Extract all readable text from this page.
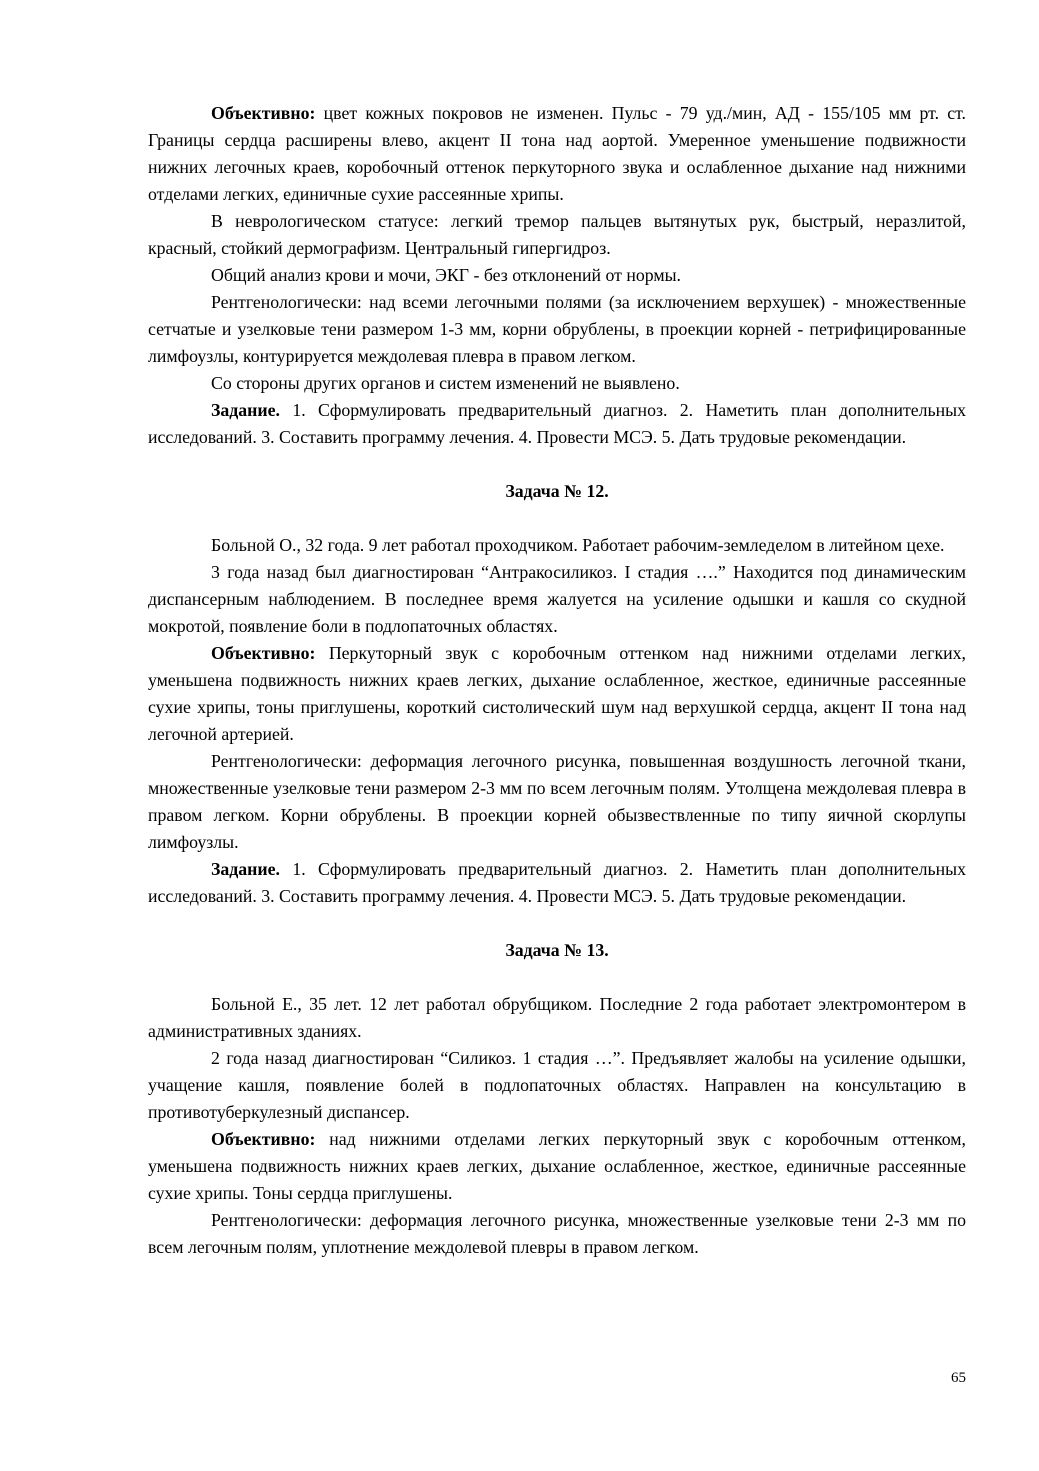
Объективно: цвет кожных покровов не изменен. Пульс - 79 уд./мин, АД - 155/105 мм рт. ст. Границы сердца расширены влево, акцент II тона над аортой. Умеренное уменьшение подвижности нижних легочных краев, коробочный оттенок перкуторного звука и ослабленное дыхание над нижними отделами легких, единичные сухие рассеянные хрипы.

В неврологическом статусе: легкий тремор пальцев вытянутых рук, быстрый, неразлитой, красный, стойкий дермографизм. Центральный гипергидроз.

Общий анализ крови и мочи, ЭКГ - без отклонений от нормы.

Рентгенологически: над всеми легочными полями (за исключением верхушек) - множественные сетчатые и узелковые тени размером 1-3 мм, корни обрублены, в проекции корней - петрифицированные лимфоузлы, контурируется междолевая плевра в правом легком.

Со стороны других органов и систем изменений не выявлено.

Задание. 1. Сформулировать предварительный диагноз. 2. Наметить план дополнительных исследований. 3. Составить программу лечения. 4. Провести МСЭ. 5. Дать трудовые рекомендации.

Задача № 12.

Больной О., 32 года. 9 лет работал проходчиком. Работает рабочим-земледелом в литейном цехе.

3 года назад был диагностирован “Антракосиликоз. I стадия ….” Находится под динамическим диспансерным наблюдением. В последнее время жалуется на усиление одышки и кашля со скудной мокротой, появление боли в подлопаточных областях.

Объективно: Перкуторный звук с коробочным оттенком над нижними отделами легких, уменьшена подвижность нижних краев легких, дыхание ослабленное, жесткое, единичные рассеянные сухие хрипы, тоны приглушены, короткий систолический шум над верхушкой сердца, акцент II тона над легочной артерией.

Рентгенологически: деформация легочного рисунка, повышенная воздушность легочной ткани, множественные узелковые тени размером 2-3 мм по всем легочным полям. Утолщена междолевая плевра в правом легком. Корни обрублены. В проекции корней обызвествленные по типу яичной скорлупы лимфоузлы.

Задание. 1. Сформулировать предварительный диагноз. 2. Наметить план дополнительных исследований. 3. Составить программу лечения. 4. Провести МСЭ. 5. Дать трудовые рекомендации.

Задача № 13.

Больной Е., 35 лет. 12 лет работал обрубщиком. Последние 2 года работает электромонтером в административных зданиях.

2 года назад диагностирован “Силикоз. 1 стадия …”. Предъявляет жалобы на усиление одышки, учащение кашля, появление болей в подлопаточных областях. Направлен на консультацию в противотуберкулезный диспансер.

Объективно: над нижними отделами легких перкуторный звук с коробочным оттенком, уменьшена подвижность нижних краев легких, дыхание ослабленное, жесткое, единичные рассеянные сухие хрипы. Тоны сердца приглушены.

Рентгенологически: деформация легочного рисунка, множественные узелковые тени 2-3 мм по всем легочным полям, уплотнение междолевой плевры в правом легком.

65
